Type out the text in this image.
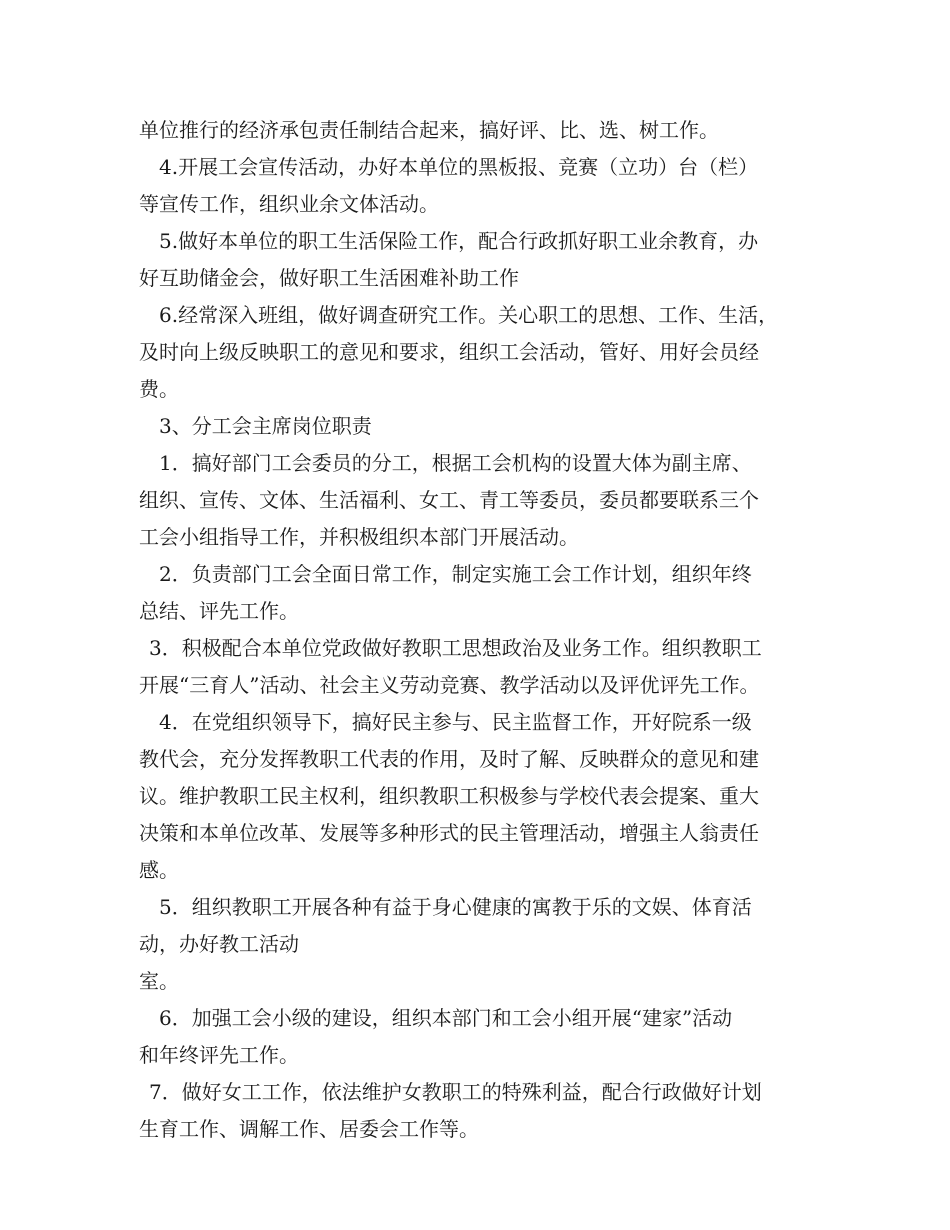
单位推行的经济承包责任制结合起来，搞好评、比、选、树工作。
4.开展工会宣传活动，办好本单位的黑板报、竞赛（立功）台（栏）
等宣传工作，组织业余文体活动。
5.做好本单位的职工生活保险工作，配合行政抓好职工业余教育，办
好互助储金会，做好职工生活困难补助工作
6.经常深入班组，做好调查研究工作。关心职工的思想、工作、生活，
及时向上级反映职工的意见和要求，组织工会活动，管好、用好会员经
费。
3、分工会主席岗位职责
1．搞好部门工会委员的分工，根据工会机构的设置大体为副主席、
组织、宣传、文体、生活福利、女工、青工等委员，委员都要联系三个
工会小组指导工作，并积极组织本部门开展活动。
2．负责部门工会全面日常工作，制定实施工会工作计划，组织年终
总结、评先工作。
3．积极配合本单位党政做好教职工思想政治及业务工作。组织教职工
开展“三育人”活动、社会主义劳动竞赛、教学活动以及评优评先工作。
4．在党组织领导下，搞好民主参与、民主监督工作，开好院系一级
教代会，充分发挥教职工代表的作用，及时了解、反映群众的意见和建
议。维护教职工民主权利，组织教职工积极参与学校代表会提案、重大
决策和本单位改革、发展等多种形式的民主管理活动，增强主人翁责任
感。
5．组织教职工开展各种有益于身心健康的寓教于乐的文娱、体育活
动，办好教工活动
室。
6．加强工会小级的建设，组织本部门和工会小组开展“建家”活动
和年终评先工作。
7．做好女工工作，依法维护女教职工的特殊利益，配合行政做好计划
生育工作、调解工作、居委会工作等。
